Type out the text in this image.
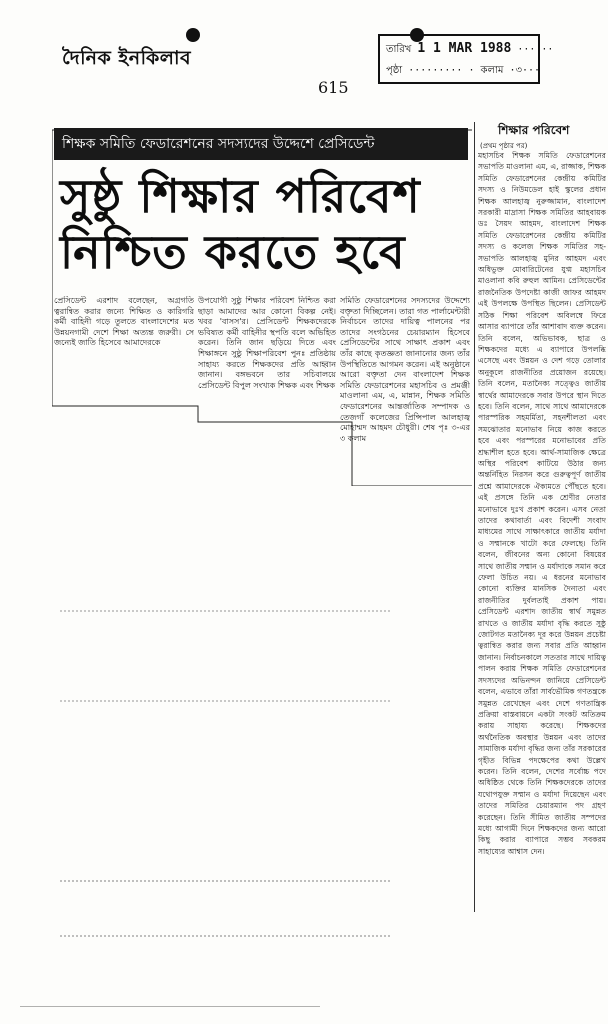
দৈনিক ইনকিলাব
615
তারিখ 1 1 MAR 1988 ··· ··
পৃষ্ঠা ········· · কলাম ·৩···
শিক্ষক সমিতি ফেডারেশনের সদস্যদের উদ্দেশে প্রেসিডেন্ট
সুষ্ঠু শিক্ষার পরিবেশ
নিশ্চিত করতে হবে

প্রেসিডেন্ট এরশাদ বলেছেন, অগ্রগতি ত্বরান্বিত করার জন্যে শিক্ষিত ও কারিগরি কর্মী বাহিনী গড়ে তুলতে বাংলাদেশের মত উন্নয়নগামী দেশে শিক্ষা অত্যন্ত জরুরী। সে জন্যেই জাতি হিসেবে আমাদেরকে

উপযোগী সুষ্ঠু শিক্ষার পরিবেশ নিশ্চিত করা ছাড়া আমাদের আর কোনো বিকল্প নেই। খবর 'বাসস'র। প্রেসিডেন্ট শিক্ষকদেরকে ভবিষ্যত কর্মী বাহিনীর স্থপতি বলে অভিহিত করেন। তিনি জান ছড়িয়ে দিতে এবং শিক্ষাঙ্গনে সুষ্ঠু শিক্ষাপরিবেশ পুনঃ প্রতিষ্ঠায় সাহায্য করতে শিক্ষকদের প্রতি আহ্বান জানান। বঙ্গভবনে তার সচিবালয়ে প্রেসিডেন্ট বিপুল সংখ্যক শিক্ষক এবং শিক্ষক

সমিতি ফেডারেশনের সদস্যদের উদ্দেশ্যে বক্তৃতা দিচ্ছিলেন। তারা গত পার্লামেন্টারী নির্বাচনে তাদের দায়িত্ব পালনের পর তাদের সংগঠনের চেয়ারম্যান হিসেবে প্রেসিডেন্টের সাথে সাক্ষাৎ প্রকাশ এবং তাঁর কাছে কৃতজ্ঞতা জানানোর জন্য তাঁর উপস্থিতিতে আগমন করেন। এই অনুষ্ঠানে আরো বক্তৃতা দেন বাংলাদেশ শিক্ষক সমিতি ফেডারেশনের মহাসচিব ও প্রমঞ্জী মাওলানা এম, এ, মান্নান, শিক্ষক সমিতি ফেডারেশনের আন্তর্জাতিক সম্পাদক ও তেজগাঁ কলেজের প্রিন্সিপাল আলহাজ্ব মোহাম্মদ আহমদ চৌধুরী। শেষ পৃঃ ৩-এর ৩ কলাম

শিক্ষার পরিবেশ
(প্রথম পৃষ্ঠার পর)

মহাসচিব শিক্ষক সমিতি ফেডারেশনের সভাপতি মাওলানা এম, এ, রাজ্জাক, শিক্ষক সমিতি ফেডারেশনের কেন্দ্রীয় কমিটির সদস্য ও নিউমডেল হাই স্কুলের প্রধান শিক্ষক আলহাজ্ব নুরুজ্জামান, বাংলাদেশ সরকারী মাদ্রাসা শিক্ষক সমিতির আহবায়ক ডঃ সৈয়দ আহমদ, বাংলাদেশ শিক্ষক সমিতি ফেডারেশনের কেন্দ্রীয় কমিটির সদস্য ও কলেজ শিক্ষক সমিতির সহ-সভাপতি আলহাজ্ব মুনির আহমদ এবং অধিভুক্ত মোবারিটেনের যুগ্ম মহাসচিব মাওলানা কবি রুহুল আমিন। প্রেসিডেন্টের রাজনৈতিক উপদেষ্টা কাজী জাফর আহমদ এই উপলক্ষে উপস্থিত ছিলেন। প্রেসিডেন্ট সঠিক শিক্ষা পরিবেশ অবিলম্বে ফিরে আসার ব্যাপারে তাঁর আশাবাদ ব্যক্ত করেন। তিনি বলেন, অভিভাবক, ছাত্র ও শিক্ষকদের মধ্যে এ ব্যাপারে উপলব্ধি এসেছে এবং উন্নয়ন ও দেশ গড়ে তোলার অনুকূলে রাজনীতির প্রয়োজন রয়েছে। তিনি বলেন, মতানৈক্য সত্ত্বেও জাতীয় স্বার্থের আমাদেরকে সবার উপরে স্থান দিতে হবে। তিনি বলেন, সাথে সাথে আমাদেরকে পারস্পরিক সহমর্মিতা, সহনশীলতা এবং সমঝোতার মনোভাব নিয়ে কাজ করতে হবে এবং পরস্পরের মনোভাবের প্রতি শ্রদ্ধাশীল হতে হবে। আর্থ-সামাজিক ক্ষেত্রে অস্থির পরিবেশ কাটিয়ে উঠার জন্য অন্তর্নিহিত নিরসন করে গুরুত্বপূর্ণ জাতীয় প্রশ্নে আমাদেরকে ঐক্যমতে পৌঁছতে হবে। এই প্রসঙ্গে তিনি এক শ্রেণীর নেতার মনোভাবে দুঃখ প্রকাশ করেন। এসব নেতা তাদের কথাবার্তা এবং বিদেশী সংবাদ মাধ্যমের সাথে সাক্ষাৎকারে জাতীয় মর্যাদা ও সম্মানকে খাটো করে ফেলছে। তিনি বলেন, জীবনের অন্য কোনো বিষয়ের সাথে জাতীয় সম্মান ও মর্যাদাকে সমান করে ফেলা উচিত নয়। এ ধরনের মনোভাব কোনো ব্যক্তির মানসিক দৈন্যতা এবং রাজনীতির দুর্বলতাই প্রকাশ পায়। প্রেসিডেন্ট এরশাদ জাতীয় স্বার্থ সমুন্নত রাখতে ও জাতীয় মর্যাদা বৃদ্ধি করতে সুষ্ঠু জোটগত মতানৈক্য দূর করে উন্নয়ন প্রচেষ্টা ত্বরান্বিত করার জন্য সবার প্রতি আহ্বান জানান। নির্বাচনকালে সততার সাথে দায়িত্ব পালন করায় শিক্ষক সমিতি ফেডারেশনের সদস্যদের অভিনন্দন জানিয়ে প্রেসিডেন্ট বলেন, এভাবে তাঁরা সার্বভৌমিক গণতন্ত্রকে সমুন্নত রেখেছেন এবং দেশে গণতান্ত্রিক প্রক্রিয়া বাস্তবায়নে একটা সংকট অতিক্রম করায় সাহায্য করেছে। শিক্ষকদের অর্থনৈতিক অবস্থার উন্নয়ন এবং তাদের সামাজিক মর্যাদা বৃদ্ধির জন্য তাঁর সরকারের গৃহীত বিভিন্ন পদক্ষেপের কথা উল্লেখ করেন। তিনি বলেন, দেশের সর্বোচ্চ পদে অধিষ্ঠিত থেকে তিনি শিক্ষকদেরকে তাদের যথোপযুক্ত সম্মান ও মর্যাদা দিয়েছেন এবং তাদের সমিতির চেয়ারম্যান পদ গ্রহণ করেছেন। তিনি সীমিত জাতীয় সম্পদের মধ্যে আগামী দিনে শিক্ষকদের জন্য আরো কিছু করার ব্যাপারে সম্ভব সবকরম সাহায্যের আশ্বাস দেন।
